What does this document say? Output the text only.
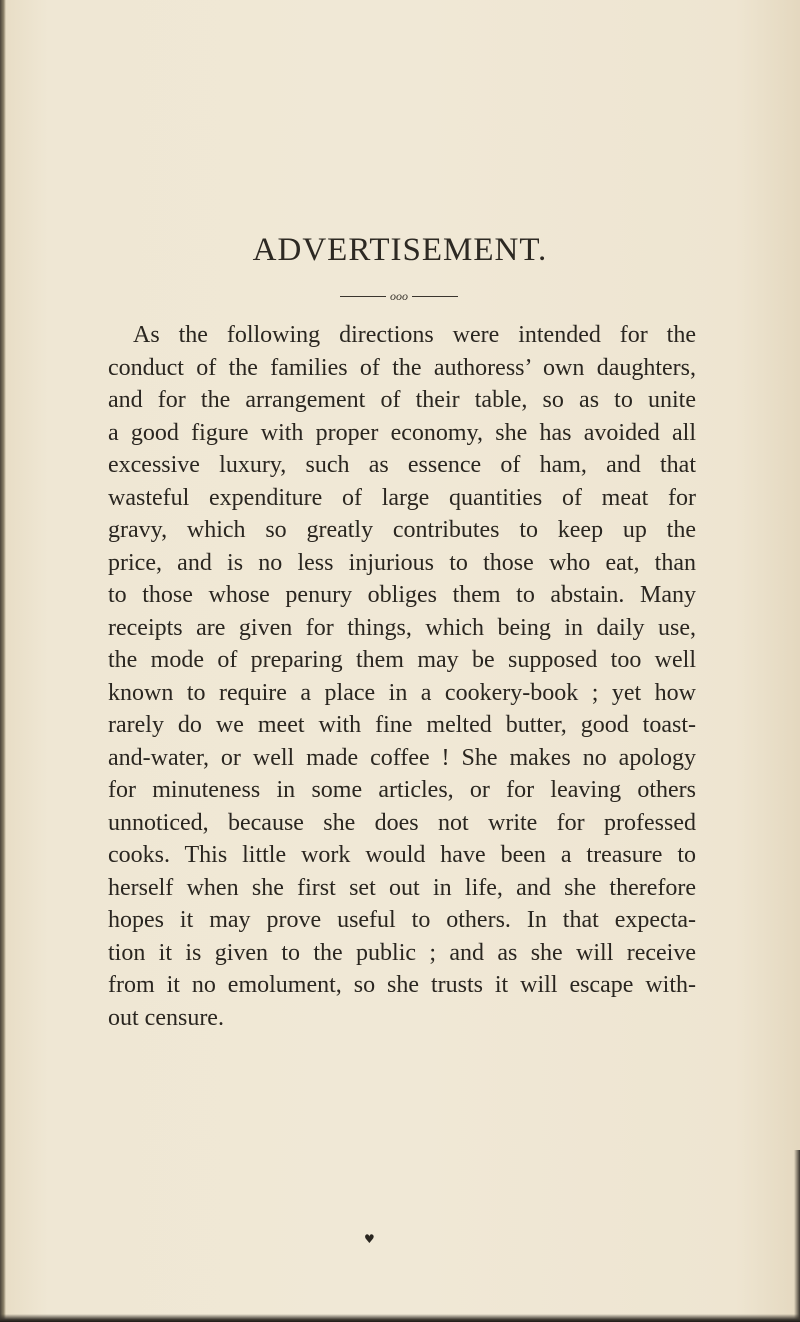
ADVERTISEMENT.
ooo
As the following directions were intended for the
conduct of the families of the authoress’ own daughters,
and for the arrangement of their table, so as to unite
a good figure with proper economy, she has avoided all
excessive luxury, such as essence of ham, and that
wasteful expenditure of large quantities of meat for
gravy, which so greatly contributes to keep up the
price, and is no less injurious to those who eat, than
to those whose penury obliges them to abstain. Many
receipts are given for things, which being in daily use,
the mode of preparing them may be supposed too well
known to require a place in a cookery-book ; yet how
rarely do we meet with fine melted butter, good toast-
and-water, or well made coffee ! She makes no apology
for minuteness in some articles, or for leaving others
unnoticed, because she does not write for professed
cooks. This little work would have been a treasure to
herself when she first set out in life, and she therefore
hopes it may prove useful to others. In that expecta-
tion it is given to the public ; and as she will receive
from it no emolument, so she trusts it will escape with-
out censure.
♥
